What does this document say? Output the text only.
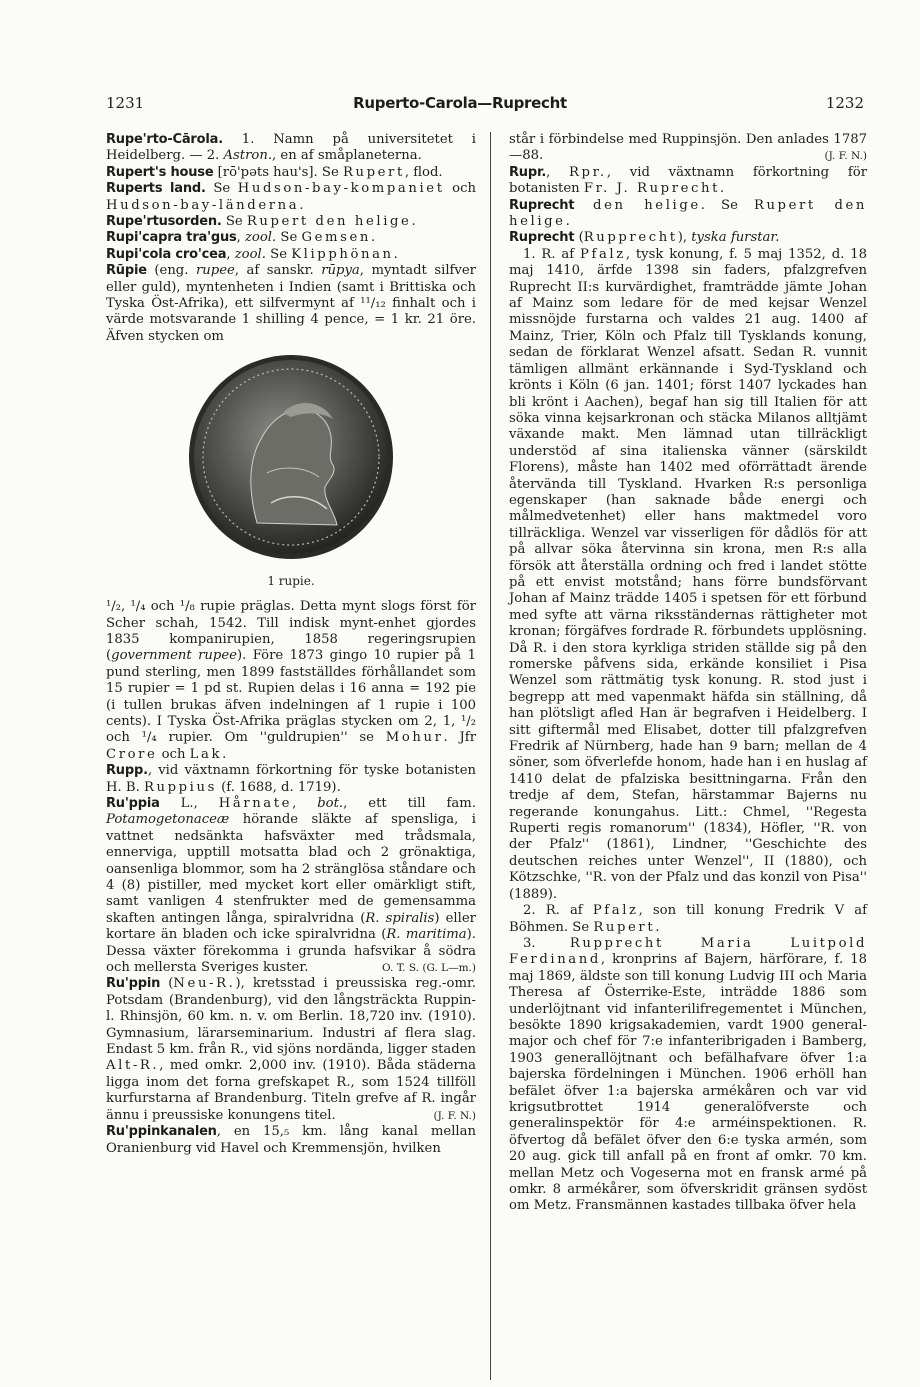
1231	Ruperto-Carola—Ruprecht	1232

Rupe'rto-Cārola. 1. Namn på universitetet i Heidelberg. — 2. Astron., en af småplaneterna.

Rupert's house [rō'pəts hau's]. Se Rupert, flod.

Ruperts land. Se Hudson-bay-kompaniet och Hudson-bay-länderna.

Rupe'rtusorden. Se Rupert den helige.

Rupi'capra tra'gus, zool. Se Gemsen.

Rupi'cola cro'cea, zool. Se Klipphönan.

Rūpie (eng. rupee, af sanskr. rūpya, myntadt silfver eller guld), myntenheten i Indien (samt i Brittiska och Tyska Öst-Afrika), ett silfvermynt af ¹¹/₁₂ finhalt och i värde motsvarande 1 shilling 4 pence, = 1 kr. 21 öre. Äfven stycken om

1 rupie.

¹/₂, ¹/₄ och ¹/₈ rupie präglas. Detta mynt slogs först för Scher schah, 1542. Till indisk mynt-enhet gjordes 1835 kompanirupien, 1858 regeringsrupien (government rupee). Före 1873 gingo 10 rupier på 1 pund sterling, men 1899 fastställdes förhållandet som 15 rupier = 1 pd st. Rupien delas i 16 anna = 192 pie (i tullen brukas äfven indelningen af 1 rupie i 100 cents). I Tyska Öst-Afrika präglas stycken om 2, 1, ¹/₂ och ¹/₄ rupier. Om ''guldrupien'' se Mohur. Jfr Crore och Lak.

Rupp., vid växtnamn förkortning för tyske botanisten H. B. Ruppius (f. 1688, d. 1719).

Ru'ppia L., Hårnate, bot., ett till fam. Potamogetonaceæ hörande släkte af spensliga, i vattnet nedsänkta hafsväxter med trådsmala, ennerviga, upptill motsatta blad och 2 grönaktiga, oansenliga blommor, som ha 2 stränglösa ståndare och 4 (8) pistiller, med mycket kort eller omärkligt stift, samt vanligen 4 stenfrukter med de gemensamma skaften antingen långa, spiralvridna (R. spiralis) eller kortare än bladen och icke spiralvridna (R. maritima). Dessa växter förekomma i grunda hafsvikar å södra och mellersta Sveriges kuster.	O. T. S. (G. L—m.)

Ru'ppin (Neu-R.), kretsstad i preussiska reg.-omr. Potsdam (Brandenburg), vid den långsträckta Ruppin- l. Rhinsjön, 60 km. n. v. om Berlin. 18,720 inv. (1910). Gymnasium, lärarseminarium. Industri af flera slag. Endast 5 km. från R., vid sjöns nordända, ligger staden Alt-R., med omkr. 2,000 inv. (1910). Båda städerna ligga inom det forna grefskapet R., som 1524 tillföll kurfurstarna af Brandenburg. Titeln grefve af R. ingår ännu i preussiske konungens titel.	(J. F. N.)

Ru'ppinkanalen, en 15,₅ km. lång kanal mellan Oranienburg vid Havel och Kremmensjön, hvilken

står i förbindelse med Ruppinsjön. Den anlades 1787—88.	(J. F. N.)

Rupr., Rpr., vid växtnamn förkortning för botanisten Fr. J. Ruprecht.

Ruprecht den helige. Se Rupert den helige.

Ruprecht (Rupprecht), tyska furstar.

1. R. af Pfalz, tysk konung, f. 5 maj 1352, d. 18 maj 1410, ärfde 1398 sin faders, pfalzgrefven Ruprecht II:s kurvärdighet, framträdde jämte Johan af Mainz som ledare för de med kejsar Wenzel missnöjde furstarna och valdes 21 aug. 1400 af Mainz, Trier, Köln och Pfalz till Tysklands konung, sedan de förklarat Wenzel afsatt. Sedan R. vunnit tämligen allmänt erkännande i Syd-Tyskland och krönts i Köln (6 jan. 1401; först 1407 lyckades han bli krönt i Aachen), begaf han sig till Italien för att söka vinna kejsarkronan och stäcka Milanos alltjämt växande makt. Men lämnad utan tillräckligt understöd af sina italienska vänner (särskildt Florens), måste han 1402 med oförrättadt ärende återvända till Tyskland. Hvarken R:s personliga egenskaper (han saknade både energi och målmedvetenhet) eller hans maktmedel voro tillräckliga. Wenzel var visserligen för dådlös för att på allvar söka återvinna sin krona, men R:s alla försök att återställa ordning och fred i landet stötte på ett envist motstånd; hans förre bundsförvant Johan af Mainz trädde 1405 i spetsen för ett förbund med syfte att värna riksständernas rättigheter mot kronan; förgäfves fordrade R. förbundets upplösning. Då R. i den stora kyrkliga striden ställde sig på den romerske påfvens sida, erkände konsiliet i Pisa Wenzel som rättmätig tysk konung. R. stod just i begrepp att med vapenmakt häfda sin ställning, då han plötsligt afled Han är begrafven i Heidelberg. I sitt giftermål med Elisabet, dotter till pfalzgrefven Fredrik af Nürnberg, hade han 9 barn; mellan de 4 söner, som öfverlefde honom, hade han i en huslag af 1410 delat de pfalziska besittningarna. Från den tredje af dem, Stefan, härstammar Bajerns nu regerande konungahus. Litt.: Chmel, ''Regesta Ruperti regis romanorum'' (1834), Höfler, ''R. von der Pfalz'' (1861), Lindner, ''Geschichte des deutschen reiches unter Wenzel'', II (1880), och Kötzschke, ''R. von der Pfalz und das konzil von Pisa'' (1889).

2. R. af Pfalz, son till konung Fredrik V af Böhmen. Se Rupert.

3. Rupprecht Maria Luitpold Ferdinand, kronprins af Bajern, härförare, f. 18 maj 1869, äldste son till konung Ludvig III och Maria Theresa af Österrike-Este, inträdde 1886 som underlöjtnant vid infanterilifregementet i München, besökte 1890 krigsakademien, vardt 1900 general-major och chef för 7:e infanteribrigaden i Bamberg, 1903 generallöjtnant och befälhafvare öfver 1:a bajerska fördelningen i München. 1906 erhöll han befälet öfver 1:a bajerska armékåren och var vid krigsutbrottet 1914 generalöfverste och generalinspektör för 4:e arméinspektionen. R. öfvertog då befälet öfver den 6:e tyska armén, som 20 aug. gick till anfall på en front af omkr. 70 km. mellan Metz och Vogeserna mot en fransk armé på omkr. 8 armékårer, som öfverskridit gränsen sydöst om Metz. Fransmännen kastades tillbaka öfver hela
